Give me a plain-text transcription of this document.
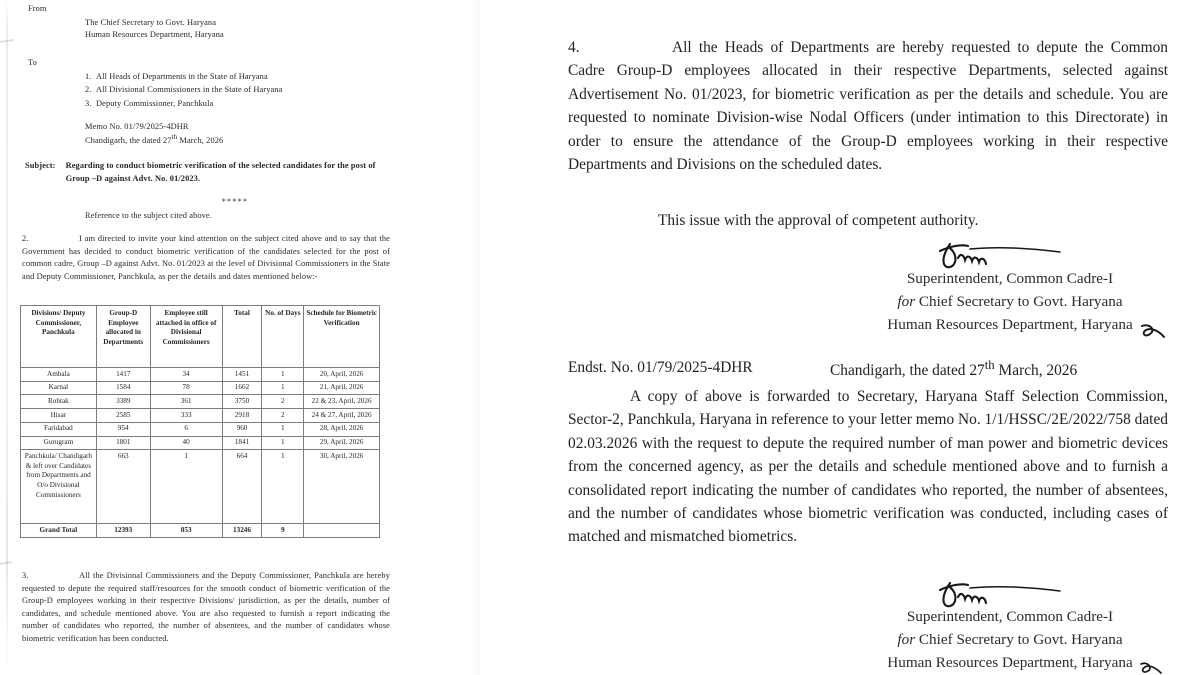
From
The Chief Secretary to Govt. Haryana
Human Resources Department, Haryana
To
1. All Heads of Departments in the State of Haryana
2. All Divisional Commissioners in the State of Haryana
3. Deputy Commissioner, Panchkula
Memo No. 01/79/2025-4DHR
Chandigarh, the dated 27th March, 2026
Subject: Regarding to conduct biometric verification of the selected candidates for the post of Group –D against Advt. No. 01/2023.
*****
Reference to the subject cited above.
2.	I am directed to invite your kind attention on the subject cited above and to say that the Government has decided to conduct biometric verification of the candidates selected for the post of common cadre, Group –D against Advt. No. 01/2023 at the level of Divisional Commissioners in the State and Deputy Commissioner, Panchkula, as per the details and dates mentioned below:-
Divisions/ Deputy Commissioner, Panchkula	Group-D Employee allocated in Departments	Employee still attached in office of Divisional Commissioners	Total	No. of Days	Schedule for Biometric Verification
Ambala	1417	34	1451	1	20, April, 2026
Karnal	1584	78	1662	1	21, April, 2026
Rohtak	3389	361	3750	2	22 & 23, April, 2026
Hisar	2585	333	2918	2	24 & 27, April, 2026
Faridabad	954	6	960	1	28, April, 2026
Gurugram	1801	40	1841	1	29, April, 2026
Panchkula/ Chandigarh & left over Candidates from Departments and O/o Divisional Commissioners	663	1	664	1	30, April, 2026
Grand Total	12393	853	13246	9	
3.	All the Divisional Commissioners and the Deputy Commissioner, Panchkula are hereby requested to depute the required staff/resources for the smooth conduct of biometric verification of the Group-D employees working in their respective Divisions/ jurisdiction, as per the details, number of candidates, and schedule mentioned above. You are also requested to furnish a report indicating the number of candidates who reported, the number of absentees, and the number of candidates whose biometric verification has been conducted.
4.	All the Heads of Departments are hereby requested to depute the Common Cadre Group-D employees allocated in their respective Departments, selected against Advertisement No. 01/2023, for biometric verification as per the details and schedule. You are requested to nominate Division-wise Nodal Officers (under intimation to this Directorate) in order to ensure the attendance of the Group-D employees working in their respective Departments and Divisions on the scheduled dates.
This issue with the approval of competent authority.
Superintendent, Common Cadre-I
for Chief Secretary to Govt. Haryana
Human Resources Department, Haryana
Endst. No. 01/79/2025-4DHR	Chandigarh, the dated 27th March, 2026
A copy of above is forwarded to Secretary, Haryana Staff Selection Commission, Sector-2, Panchkula, Haryana in reference to your letter memo No. 1/1/HSSC/2E/2022/758 dated 02.03.2026 with the request to depute the required number of man power and biometric devices from the concerned agency, as per the details and schedule mentioned above and to furnish a consolidated report indicating the number of candidates who reported, the number of absentees, and the number of candidates whose biometric verification was conducted, including cases of matched and mismatched biometrics.
Superintendent, Common Cadre-I
for Chief Secretary to Govt. Haryana
Human Resources Department, Haryana
